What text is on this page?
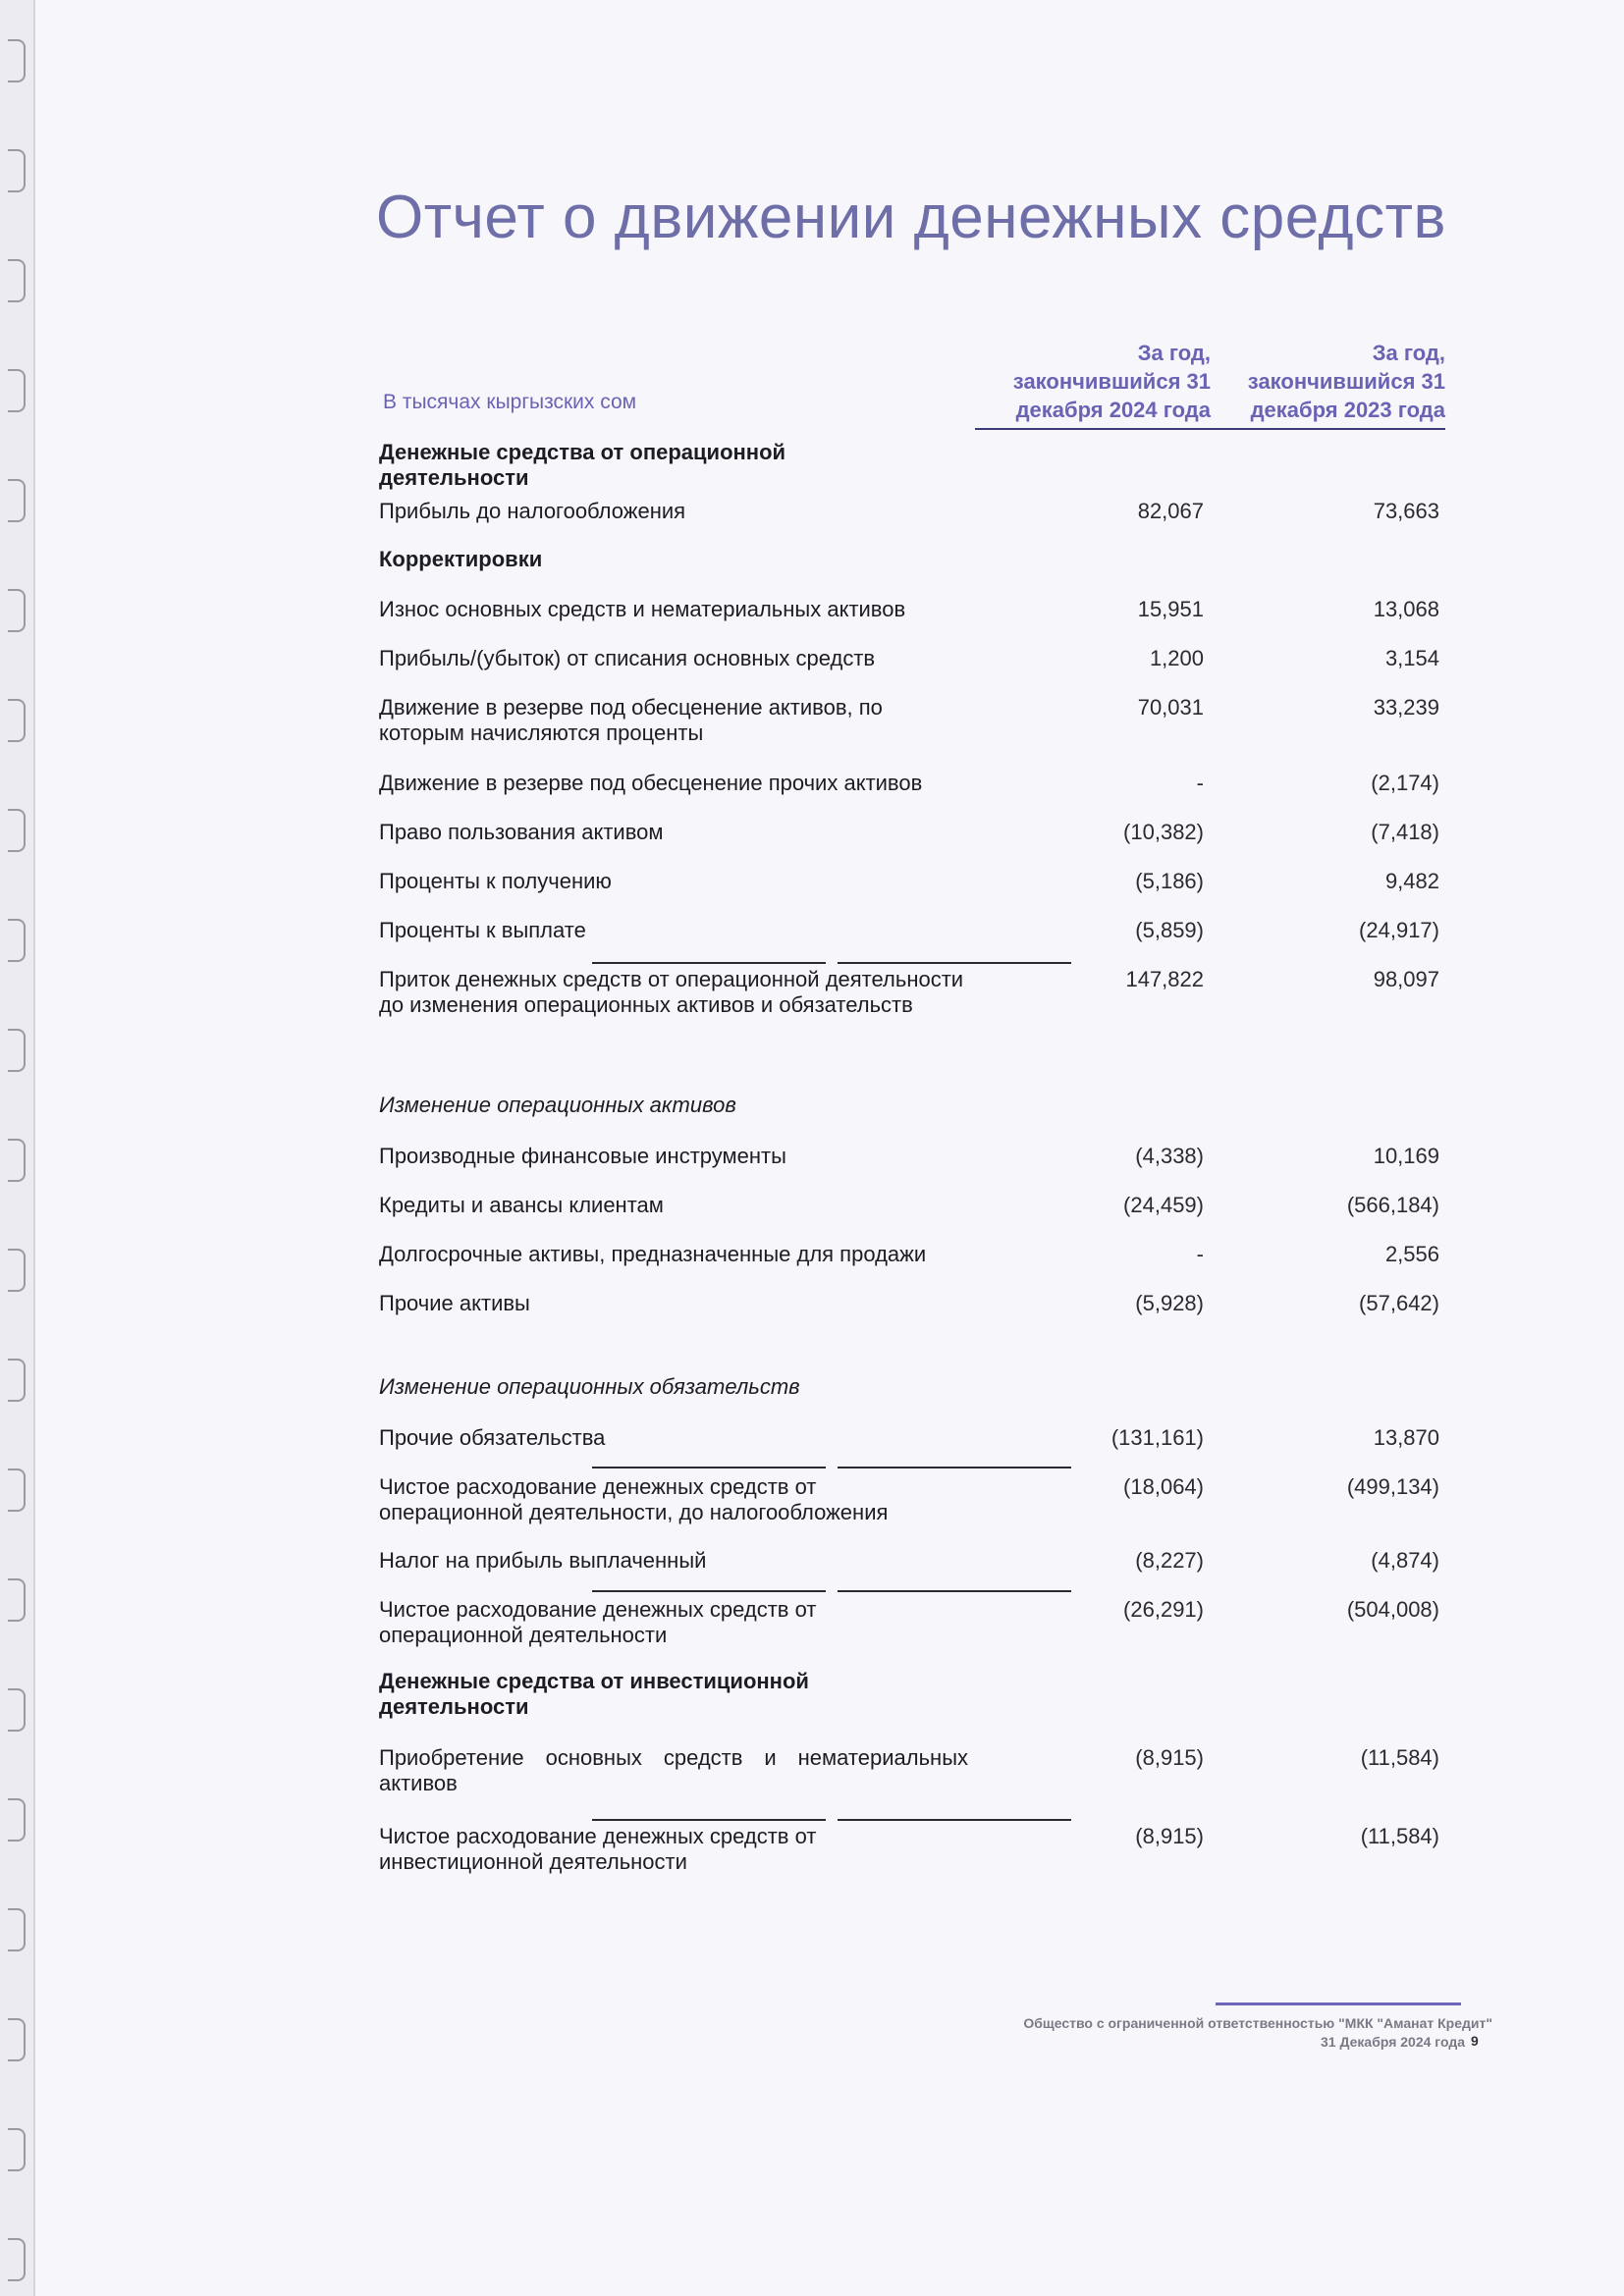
Отчет о движении денежных средств
В тысячах кыргызских сом
За год, закончившийся 31 декабря 2024 года
За год, закончившийся 31 декабря 2023 года
Денежные средства от операционной деятельности
Прибыль до налогообложения	82,067	73,663
Корректировки
Износ основных средств и нематериальных активов	15,951	13,068
Прибыль/(убыток) от списания основных средств	1,200	3,154
Движение в резерве под обесценение активов, по которым начисляются проценты
70,031	33,239
Движение в резерве под обесценение прочих активов	-	(2,174)
Право пользования активом	(10,382)	(7,418)
Проценты к получению	(5,186)	9,482
Проценты к выплате	(5,859)	(24,917)
Приток денежных средств от операционной деятельности до изменения операционных активов и обязательств
147,822	98,097
Изменение операционных активов
Производные финансовые инструменты	(4,338)	10,169
Кредиты и авансы клиентам	(24,459)	(566,184)
Долгосрочные активы, предназначенные для продажи	-	2,556
Прочие активы	(5,928)	(57,642)
Изменение операционных обязательств
Прочие обязательства	(131,161)	13,870
Чистое расходование денежных средств от операционной деятельности, до налогообложения
(18,064)	(499,134)
Налог на прибыль выплаченный	(8,227)	(4,874)
Чистое расходование денежных средств от операционной деятельности
(26,291)	(504,008)
Денежные средства от инвестиционной деятельности
Приобретение основных средств и нематериальных активов
(8,915)	(11,584)
Чистое расходование денежных средств от инвестиционной деятельности
(8,915)	(11,584)
Общество с ограниченной ответственностью "МКК "Аманат Кредит"
31 Декабря 2024 года 9
